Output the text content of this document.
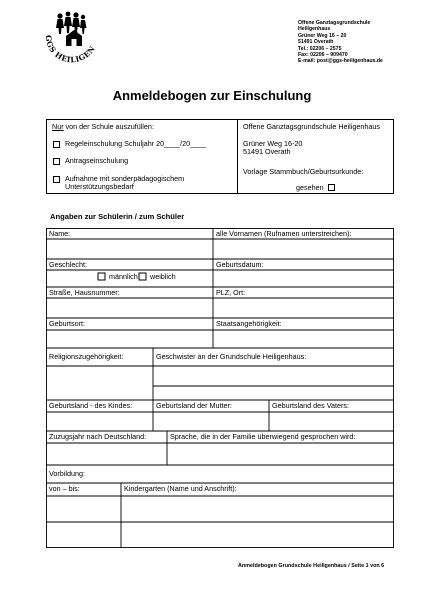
GGS HEILIGEN
Offene Ganztagsgrundschule
Heiligenhaus
Grüner Weg 16 – 20
51491 Overath
Tel.: 02206 – 2575
Fax: 02206 – 909470
E-mail: post@ggs-heiligenhaus.de
Anmeldebogen zur Einschulung
Nur von der Schule auszufüllen:
Regeleinschulung Schuljahr 20____/20____
Antragseinschulung
Aufnahme mit sonderpädagogischem
Unterstützungsbedarf
Offene Ganztagsgrundschule Heiligenhaus
Grüner Weg 16-20
51491 Overath
Vorlage Stammbuch/Geburtsurkunde:
gesehen
Angaben zur Schülerin / zum Schüler
Name:	alle Vornamen (Rufnamen unterstreichen):
Geschlecht:	Geburtsdatum:
männlich weiblich
Straße, Hausnummer:	PLZ, Ort:
Geburtsort:	Staatsangehörigkeit:
Religionszugehörigkeit:	Geschwister an der Grundschule Heiligenhaus:
Geburtsland - des Kindes:	Geburtsland der Mutter:	Geburtsland des Vaters:
Zuzugsjahr nach Deutschland:	Sprache, die in der Familie überwiegend gesprochen wird:
Vorbildung:
von – bis:	Kindergarten (Name und Anschrift):
Anmeldebogen Grundschule Heiligenhaus / Seite 1 von 6
